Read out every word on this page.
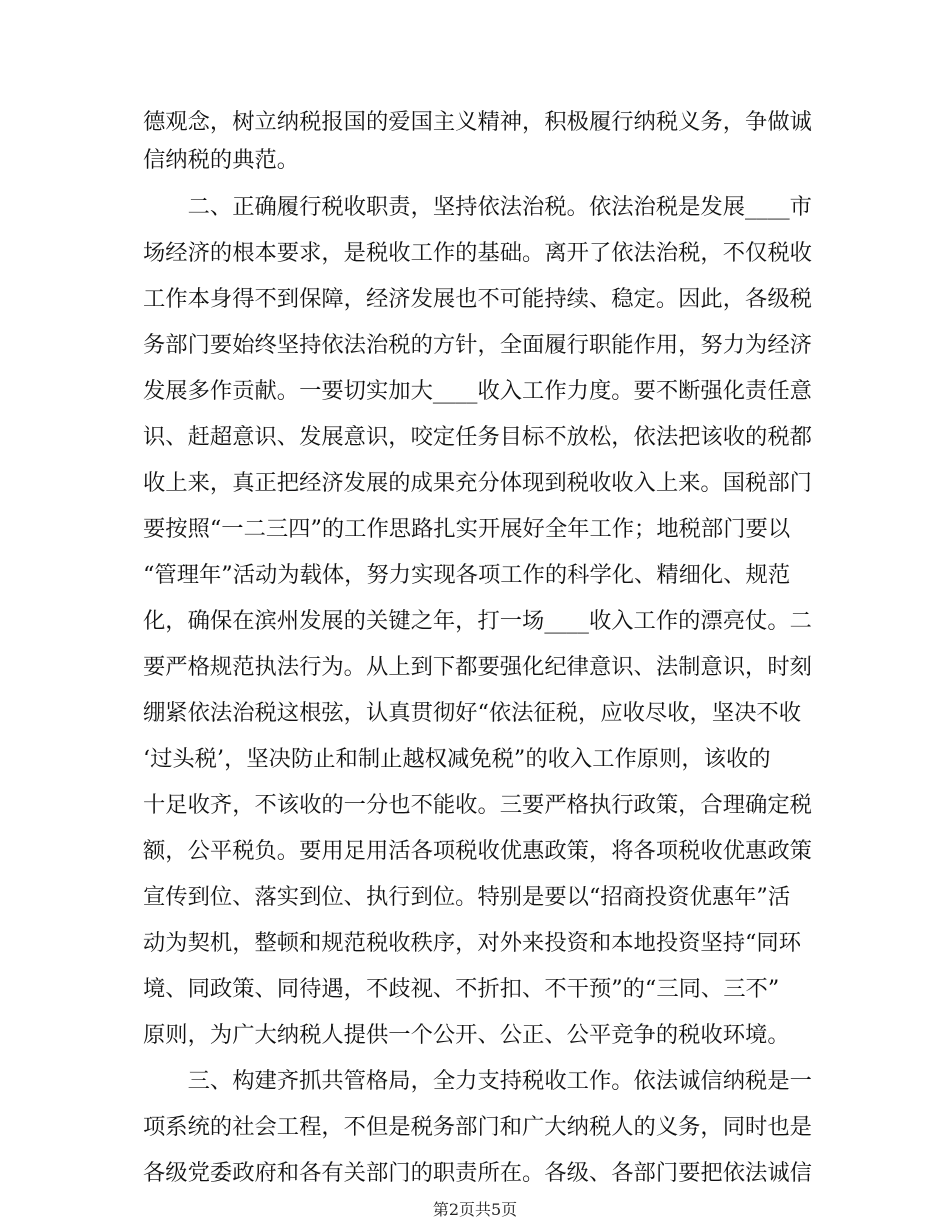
德观念，树立纳税报国的爱国主义精神，积极履行纳税义务，争做诚
信纳税的典范。
　　二、正确履行税收职责，坚持依法治税。依法治税是发展____市
场经济的根本要求，是税收工作的基础。离开了依法治税，不仅税收
工作本身得不到保障，经济发展也不可能持续、稳定。因此，各级税
务部门要始终坚持依法治税的方针，全面履行职能作用，努力为经济
发展多作贡献。一要切实加大____收入工作力度。要不断强化责任意
识、赶超意识、发展意识，咬定任务目标不放松，依法把该收的税都
收上来，真正把经济发展的成果充分体现到税收收入上来。国税部门
要按照“一二三四”的工作思路扎实开展好全年工作；地税部门要以
“管理年”活动为载体，努力实现各项工作的科学化、精细化、规范
化，确保在滨州发展的关键之年，打一场____收入工作的漂亮仗。二
要严格规范执法行为。从上到下都要强化纪律意识、法制意识，时刻
绷紧依法治税这根弦，认真贯彻好“依法征税，应收尽收，坚决不收
‘过头税’，坚决防止和制止越权减免税”的收入工作原则，该收的
十足收齐，不该收的一分也不能收。三要严格执行政策，合理确定税
额，公平税负。要用足用活各项税收优惠政策，将各项税收优惠政策
宣传到位、落实到位、执行到位。特别是要以“招商投资优惠年”活
动为契机，整顿和规范税收秩序，对外来投资和本地投资坚持“同环
境、同政策、同待遇，不歧视、不折扣、不干预”的“三同、三不”
原则，为广大纳税人提供一个公开、公正、公平竞争的税收环境。
　　三、构建齐抓共管格局，全力支持税收工作。依法诚信纳税是一
项系统的社会工程，不但是税务部门和广大纳税人的义务，同时也是
各级党委政府和各有关部门的职责所在。各级、各部门要把依法诚信
第2页共5页
